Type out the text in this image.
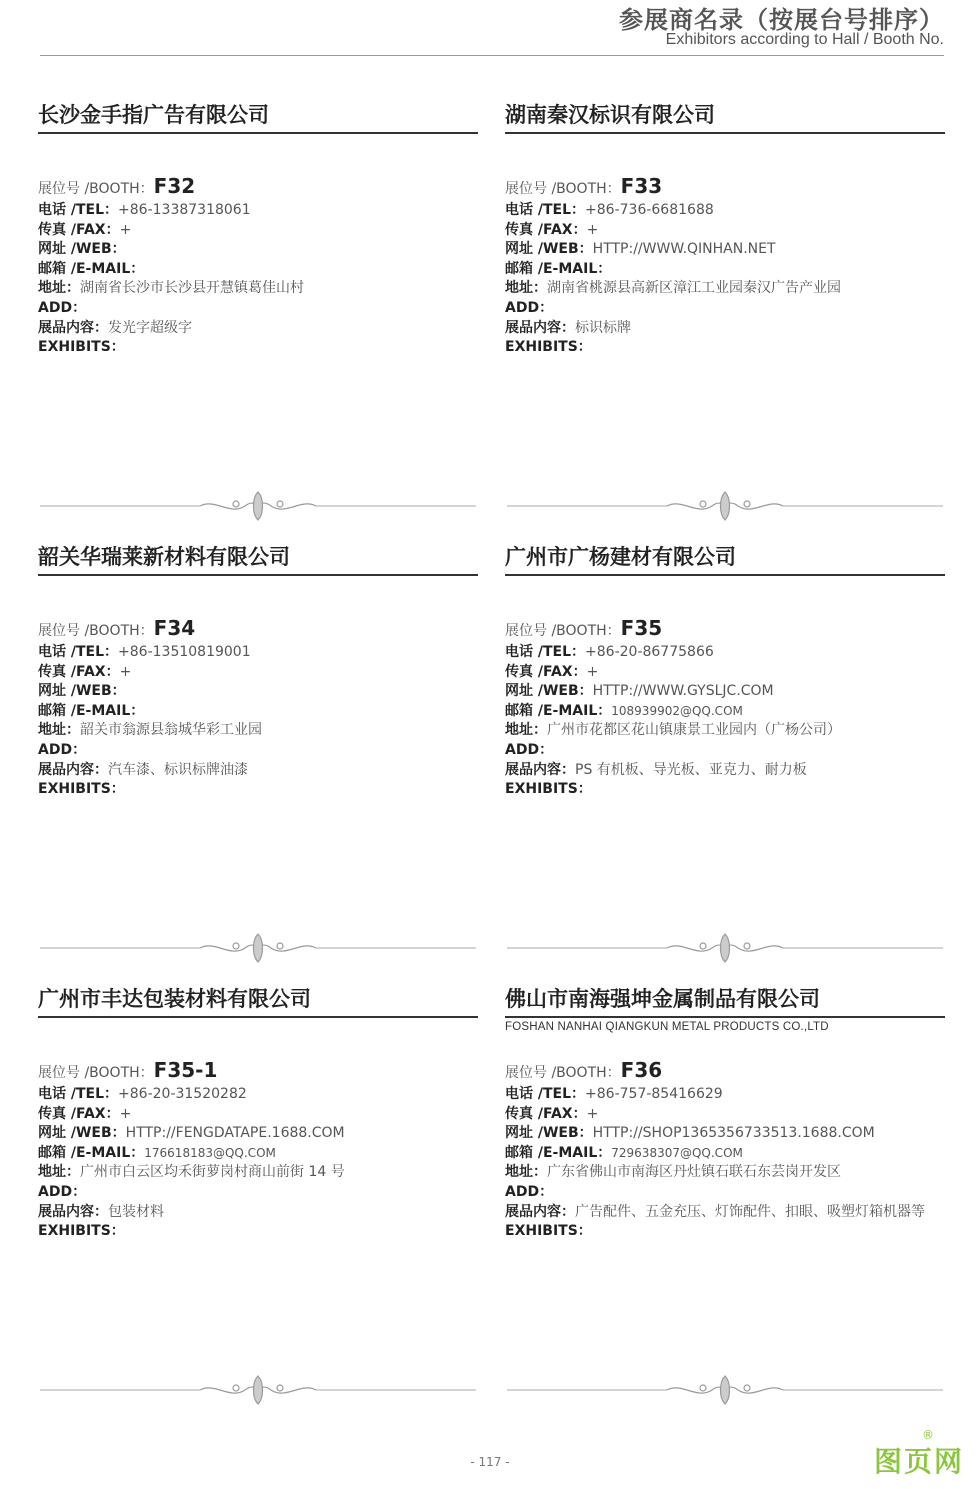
参展商名录（按展台号排序）
Exhibitors according to Hall / Booth No.
长沙金手指广告有限公司
展位号 /BOOTH：F32
电话 /TEL：+86-13387318061
传真 /FAX：+
网址 /WEB：
邮箱 /E-MAIL：
地址：湖南省长沙市长沙县开慧镇葛佳山村
ADD：
展品内容：发光字超级字
EXHIBITS：
湖南秦汉标识有限公司
展位号 /BOOTH：F33
电话 /TEL：+86-736-6681688
传真 /FAX：+
网址 /WEB：HTTP://WWW.QINHAN.NET
邮箱 /E-MAIL：
地址：湖南省桃源县高新区漳江工业园秦汉广告产业园
ADD：
展品内容：标识标牌
EXHIBITS：
韶关华瑞莱新材料有限公司
展位号 /BOOTH：F34
电话 /TEL：+86-13510819001
传真 /FAX：+
网址 /WEB：
邮箱 /E-MAIL：
地址：韶关市翁源县翁城华彩工业园
ADD：
展品内容：汽车漆、标识标牌油漆
EXHIBITS：
广州市广杨建材有限公司
展位号 /BOOTH：F35
电话 /TEL：+86-20-86775866
传真 /FAX：+
网址 /WEB：HTTP://WWW.GYSLJC.COM
邮箱 /E-MAIL：108939902@QQ.COM
地址：广州市花都区花山镇康景工业园内（广杨公司）
ADD：
展品内容：PS 有机板、导光板、亚克力、耐力板
EXHIBITS：
广州市丰达包装材料有限公司
展位号 /BOOTH：F35-1
电话 /TEL：+86-20-31520282
传真 /FAX：+
网址 /WEB：HTTP://FENGDATAPE.1688.COM
邮箱 /E-MAIL：176618183@QQ.COM
地址：广州市白云区均禾街萝岗村商山前街 14 号
ADD：
展品内容：包装材料
EXHIBITS：
佛山市南海强坤金属制品有限公司
FOSHAN NANHAI QIANGKUN METAL PRODUCTS CO.,LTD
展位号 /BOOTH：F36
电话 /TEL：+86-757-85416629
传真 /FAX：+
网址 /WEB：HTTP://SHOP1365356733513.1688.COM
邮箱 /E-MAIL：729638307@QQ.COM
地址：广东省佛山市南海区丹灶镇石联石东芸岗开发区
ADD：
展品内容：广告配件、五金充压、灯饰配件、扣眼、吸塑灯箱机器等
EXHIBITS：
- 117 -
®
图页网
